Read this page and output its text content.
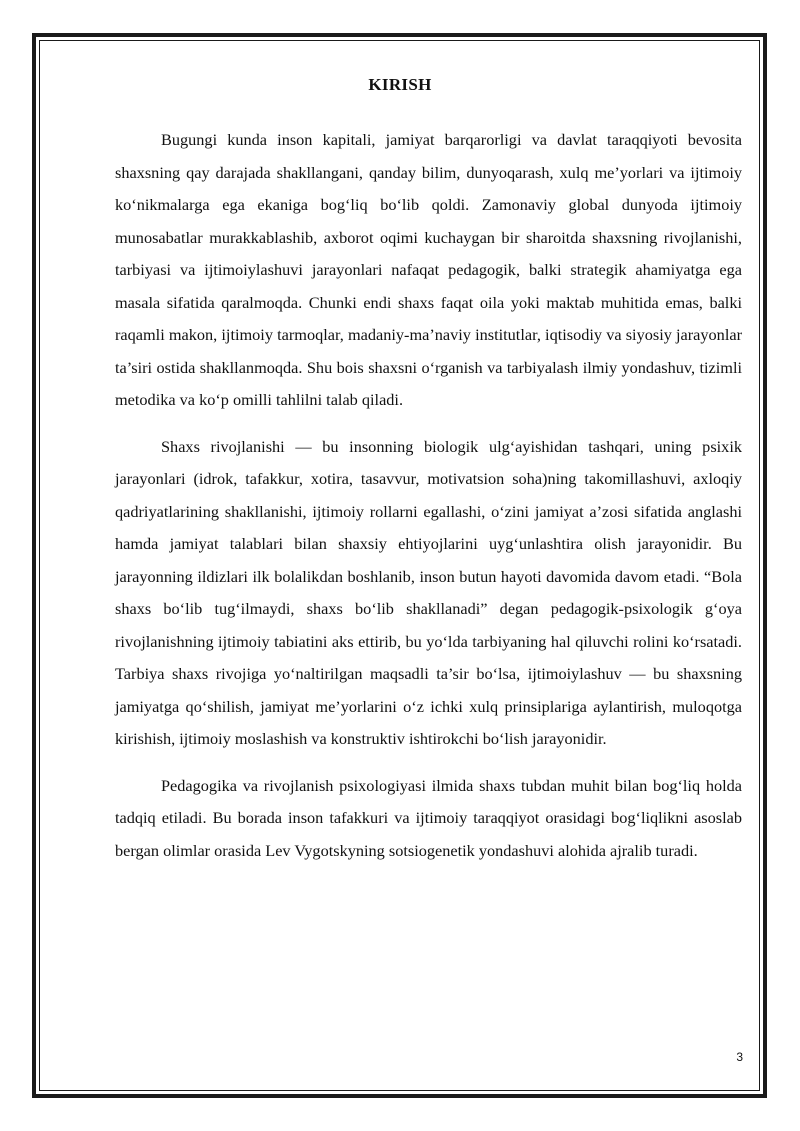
KIRISH

Bugungi kunda inson kapitali, jamiyat barqarorligi va davlat taraqqiyoti bevosita shaxsning qay darajada shakllangani, qanday bilim, dunyoqarash, xulq me’yorlari va ijtimoiy ko‘nikmalarga ega ekaniga bog‘liq bo‘lib qoldi. Zamonaviy global dunyoda ijtimoiy munosabatlar murakkablashib, axborot oqimi kuchaygan bir sharoitda shaxsning rivojlanishi, tarbiyasi va ijtimoiylashuvi jarayonlari nafaqat pedagogik, balki strategik ahamiyatga ega masala sifatida qaralmoqda. Chunki endi shaxs faqat oila yoki maktab muhitida emas, balki raqamli makon, ijtimoiy tarmoqlar, madaniy-ma’naviy institutlar, iqtisodiy va siyosiy jarayonlar ta’siri ostida shakllanmoqda. Shu bois shaxsni o‘rganish va tarbiyalash ilmiy yondashuv, tizimli metodika va ko‘p omilli tahlilni talab qiladi.

Shaxs rivojlanishi — bu insonning biologik ulg‘ayishidan tashqari, uning psixik jarayonlari (idrok, tafakkur, xotira, tasavvur, motivatsion soha)ning takomillashuvi, axloqiy qadriyatlarining shakllanishi, ijtimoiy rollarni egallashi, o‘zini jamiyat a’zosi sifatida anglashi hamda jamiyat talablari bilan shaxsiy ehtiyojlarini uyg‘unlashtira olish jarayonidir. Bu jarayonning ildizlari ilk bolalikdan boshlanib, inson butun hayoti davomida davom etadi. “Bola shaxs bo‘lib tug‘ilmaydi, shaxs bo‘lib shakllanadi” degan pedagogik-psixologik g‘oya rivojlanishning ijtimoiy tabiatini aks ettirib, bu yo‘lda tarbiyaning hal qiluvchi rolini ko‘rsatadi. Tarbiya shaxs rivojiga yo‘naltirilgan maqsadli ta’sir bo‘lsa, ijtimoiylashuv — bu shaxsning jamiyatga qo‘shilish, jamiyat me’yorlarini o‘z ichki xulq prinsiplariga aylantirish, muloqotga kirishish, ijtimoiy moslashish va konstruktiv ishtirokchi bo‘lish jarayonidir.

Pedagogika va rivojlanish psixologiyasi ilmida shaxs tubdan muhit bilan bog‘liq holda tadqiq etiladi. Bu borada inson tafakkuri va ijtimoiy taraqqiyot orasidagi bog‘liqlikni asoslab bergan olimlar orasida Lev Vygotskyning sotsiogenetik yondashuvi alohida ajralib turadi.

3
